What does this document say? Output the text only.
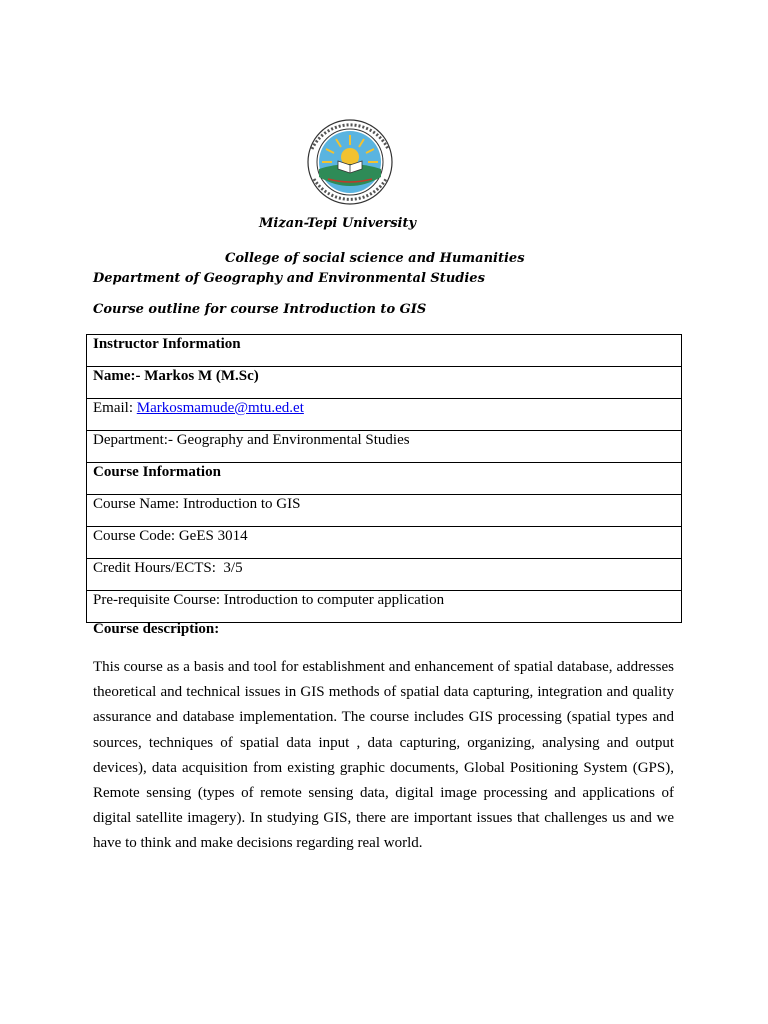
Mizan-Tepi University
College of social science and Humanities
Department of Geography and Environmental Studies
Course outline for course Introduction to GIS
Instructor Information
Name:- Markos M (M.Sc)
Email: Markosmamude@mtu.ed.et
Department:- Geography and Environmental Studies
Course Information
Course Name: Introduction to GIS
Course Code: GeES 3014
Credit Hours/ECTS:  3/5
Pre-requisite Course: Introduction to computer application
Course description:
This course as a basis and tool for establishment and enhancement of spatial database, addresses theoretical and technical issues in GIS methods of spatial data capturing, integration and quality assurance and database implementation. The course includes GIS processing (spatial types and sources, techniques of spatial data input , data capturing, organizing, analysing and output devices), data acquisition from existing graphic documents, Global Positioning System (GPS), Remote sensing (types of remote sensing data, digital image processing and applications of digital satellite imagery). In studying GIS, there are important issues that challenges us and we have to think and make decisions regarding real world.
